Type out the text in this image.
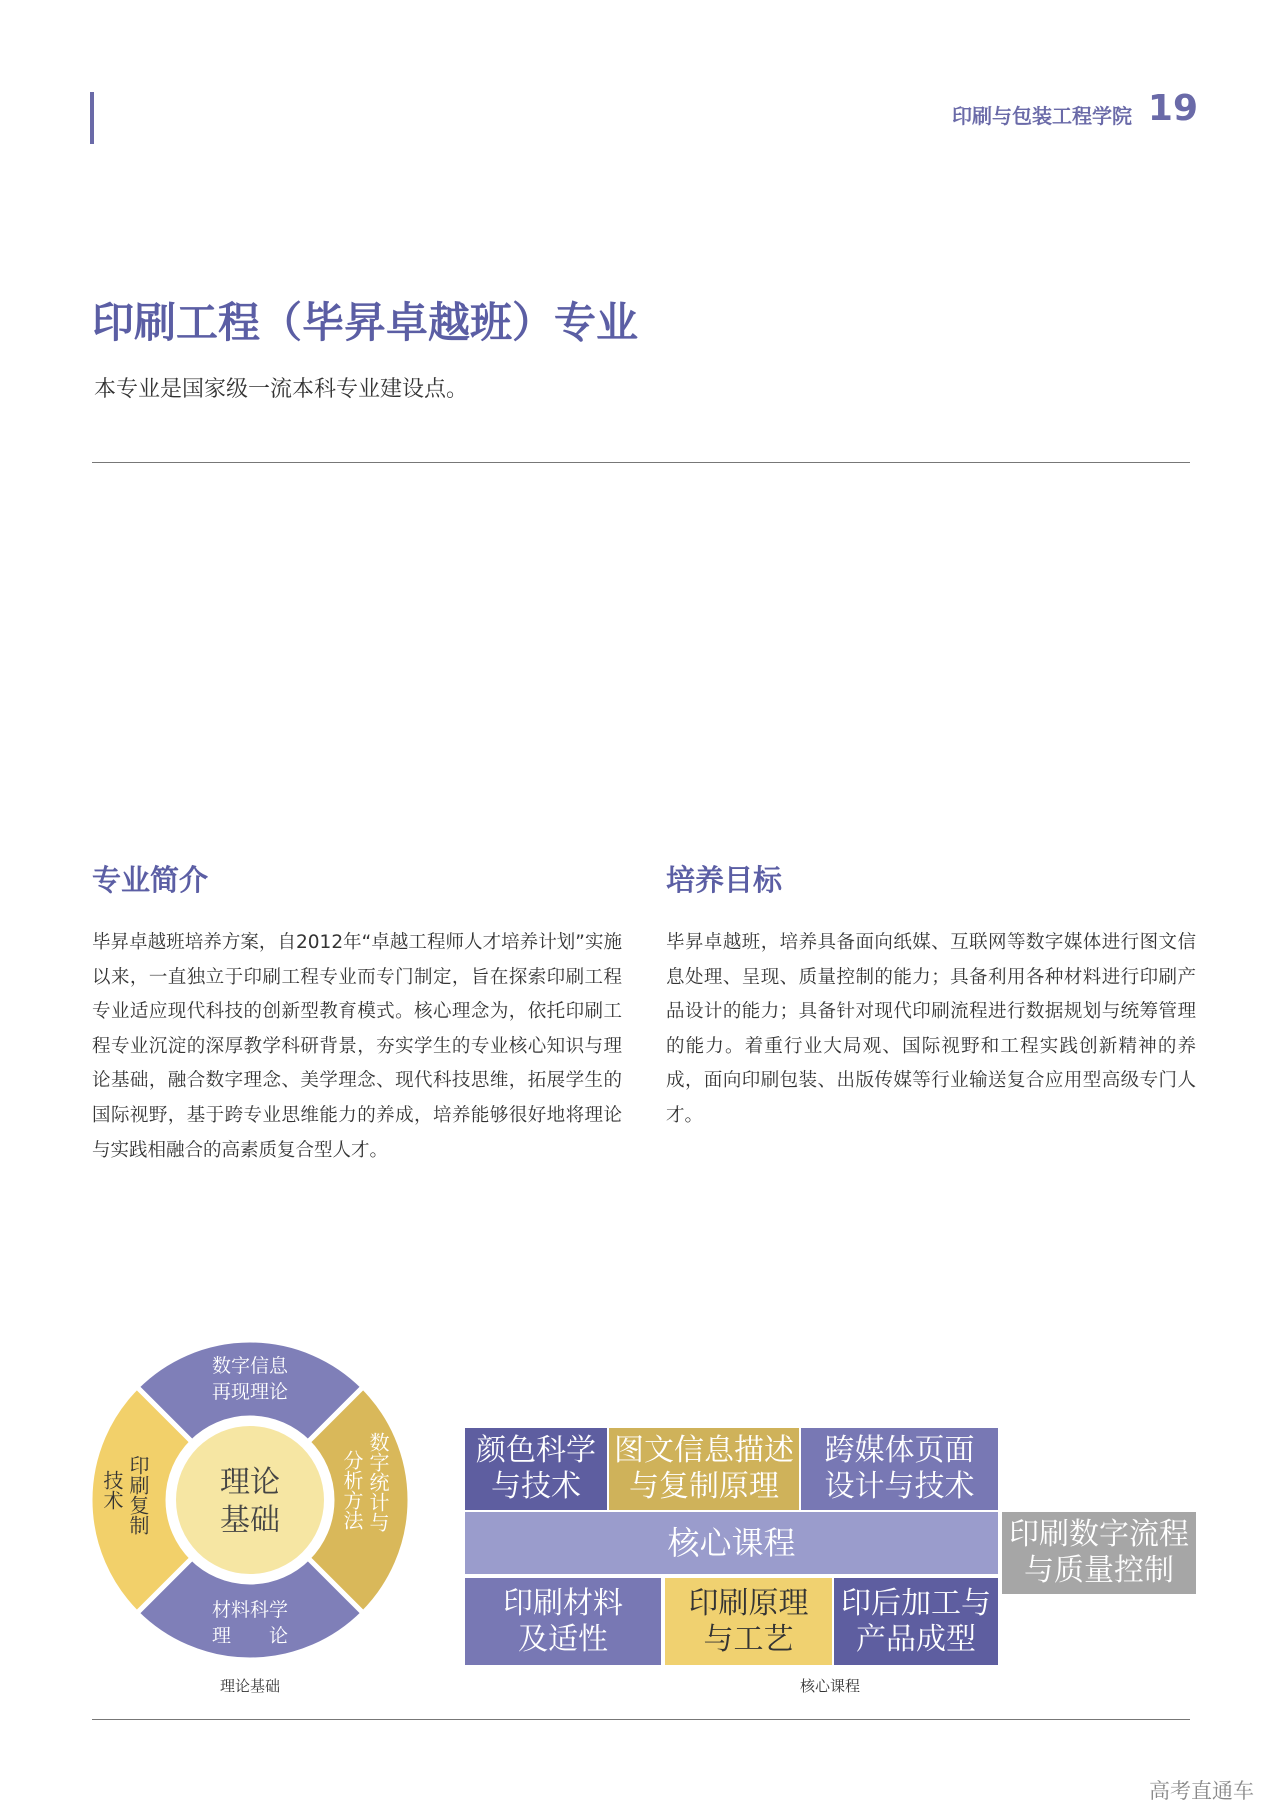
印刷与包装工程学院 19
印刷工程（毕昇卓越班）专业
本专业是国家级一流本科专业建设点。
专业简介
毕昇卓越班培养方案，自2012年“卓越工程师人才培养计划”实施以来，一直独立于印刷工程专业而专门制定，旨在探索印刷工程专业适应现代科技的创新型教育模式。核心理念为，依托印刷工程专业沉淀的深厚教学科研背景，夯实学生的专业核心知识与理论基础，融合数字理念、美学理念、现代科技思维，拓展学生的国际视野，基于跨专业思维能力的养成，培养能够很好地将理论与实践相融合的高素质复合型人才。
培养目标
毕昇卓越班，培养具备面向纸媒、互联网等数字媒体进行图文信息处理、呈现、质量控制的能力；具备利用各种材料进行印刷产品设计的能力；具备针对现代印刷流程进行数据规划与统筹管理的能力。着重行业大局观、国际视野和工程实践创新精神的养成，面向印刷包装、出版传媒等行业输送复合应用型高级专门人才。
理论
基础
数字信息
再现理论
材料科学
理　　论
技术 印刷复制	分析方法 数字统计与
理论基础
颜色科学
与技术
图文信息描述
与复制原理
跨媒体页面
设计与技术
核心课程	印刷数字流程
与质量控制
印刷材料
及适性
印刷原理
与工艺
印后加工与
产品成型
核心课程
高考直通车
